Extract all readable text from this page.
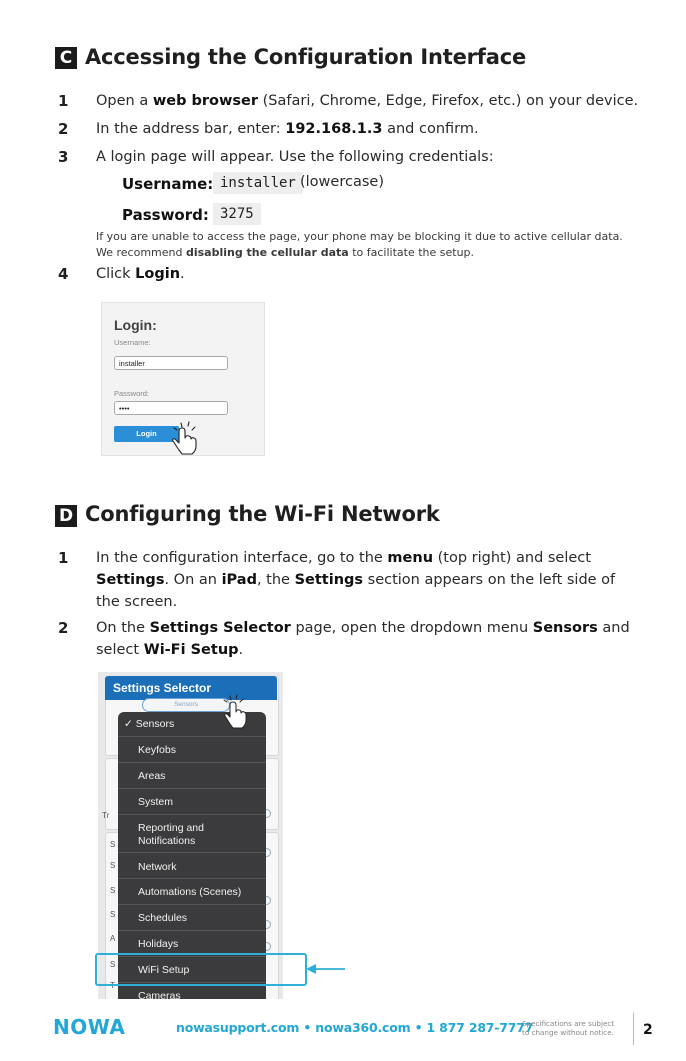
C Accessing the Configuration Interface
1 Open a web browser (Safari, Chrome, Edge, Firefox, etc.) on your device.
2 In the address bar, enter: 192.168.1.3 and confirm.
3 A login page will appear. Use the following credentials:
Username: installer (lowercase)
Password: 3275
If you are unable to access the page, your phone may be blocking it due to active cellular data.
We recommend disabling the cellular data to facilitate the setup.
4 Click Login.
Login:
Username:
installer
Password:
••••
Login
D Configuring the Wi-Fi Network
1 In the configuration interface, go to the menu (top right) and select
Settings. On an iPad, the Settings section appears on the left side of
the screen.
2 On the Settings Selector page, open the dropdown menu Sensors and
select Wi-Fi Setup.
Settings Selector
Sensors
Tr
S
S
S
S
A
S
T
✓ Sensors
Keyfobs
Areas
System
Reporting and
Notifications
Network
Automations (Scenes)
Schedules
Holidays
WiFi Setup
Cameras
NOWA	nowasupport.com • nowa360.com • 1 877 287-7777
Specifications are subject to change without notice.	2
